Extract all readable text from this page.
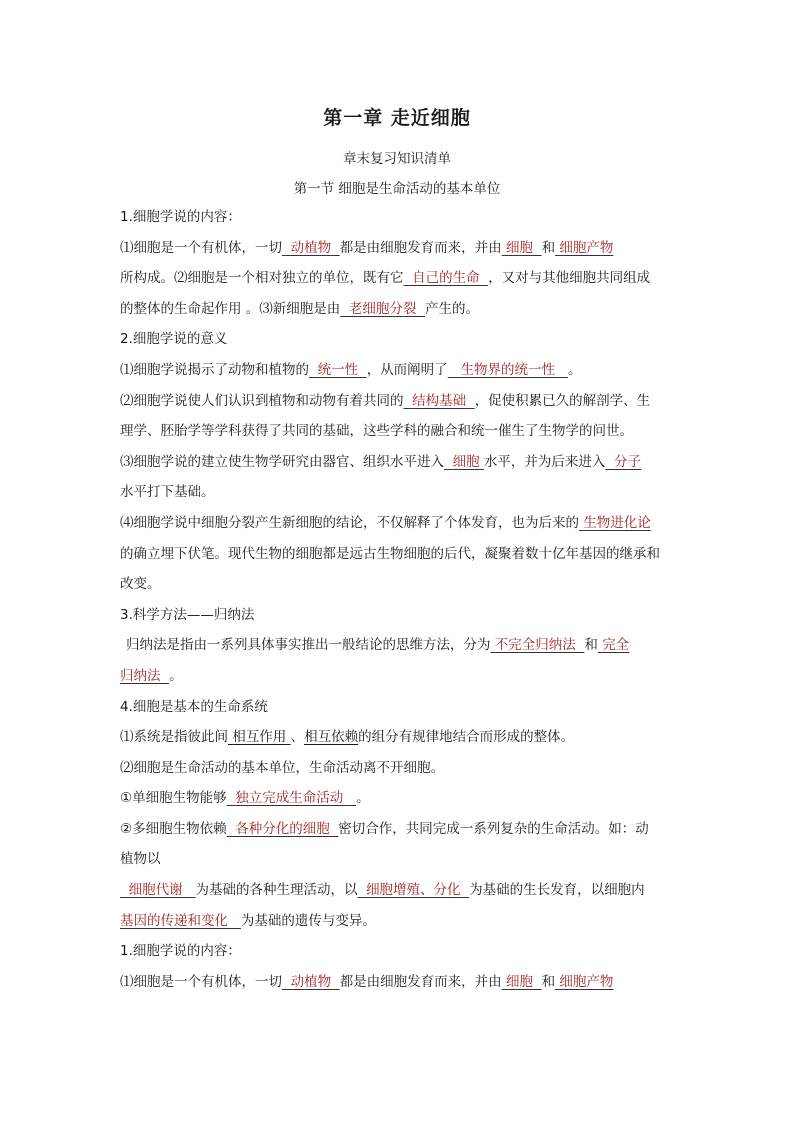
第一章 走近细胞
章末复习知识清单
第一节 细胞是生命活动的基本单位
1.细胞学说的内容：
⑴细胞是一个有机体，一切 动植物 都是由细胞发育而来，并由 细胞 和 细胞产物
所构成。⑵细胞是一个相对独立的单位，既有它 自己的生命 ，又对与其他细胞共同组成
的整体的生命起作用 。⑶新细胞是由 老细胞分裂 产生的。
2.细胞学说的意义
⑴细胞学说揭示了动物和植物的 统一性 ，从而阐明了 生物界的统一性 。
⑵细胞学说使人们认识到植物和动物有着共同的 结构基础 ，促使积累已久的解剖学、生
理学、胚胎学等学科获得了共同的基础，这些学科的融合和统一催生了生物学的问世。
⑶细胞学说的建立使生物学研究由器官、组织水平进入 细胞 水平，并为后来进入 分子
水平打下基础。
⑷细胞学说中细胞分裂产生新细胞的结论，不仅解释了个体发育，也为后来的 生物进化论
的确立埋下伏笔。现代生物的细胞都是远古生物细胞的后代，凝聚着数十亿年基因的继承和
改变。
3.科学方法——归纳法
归纳法是指由一系列具体事实推出一般结论的思维方法，分为 不完全归纳法 和 完全
归纳法 。
4.细胞是基本的生命系统
⑴系统是指彼此间 相互作用 、相互依赖的组分有规律地结合而形成的整体。
⑵细胞是生命活动的基本单位，生命活动离不开细胞。
①单细胞生物能够 独立完成生命活动 。
②多细胞生物依赖 各种分化的细胞 密切合作，共同完成一系列复杂的生命活动。如：动
植物以
细胞代谢 为基础的各种生理活动，以 细胞增殖、分化 为基础的生长发育，以细胞内
基因的传递和变化 为基础的遗传与变异。
1.细胞学说的内容：
⑴细胞是一个有机体，一切 动植物 都是由细胞发育而来，并由 细胞 和 细胞产物
